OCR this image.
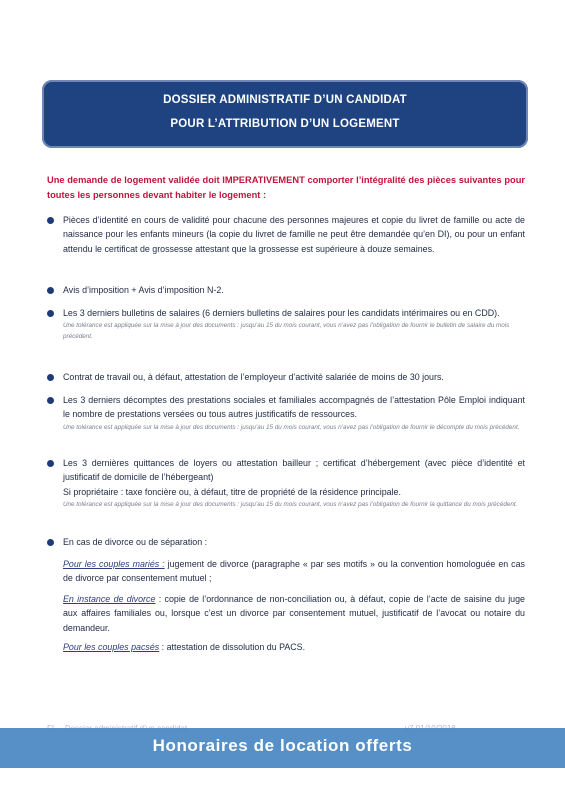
DOSSIER ADMINISTRATIF D’UN CANDIDAT
POUR L’ATTRIBUTION D’UN LOGEMENT
Une demande de logement validée doit IMPERATIVEMENT comporter l’intégralité des pièces suivantes pour toutes les personnes devant habiter le logement :
Pièces d’identité en cours de validité pour chacune des personnes majeures et copie du livret de famille ou acte de naissance pour les enfants mineurs (la copie du livret de famille ne peut être demandée qu’en DI), ou pour un enfant attendu le certificat de grossesse attestant que la grossesse est supérieure à douze semaines.
Avis d’imposition + Avis d’imposition N-2.
Les 3 derniers bulletins de salaires (6 derniers bulletins de salaires pour les candidats intérimaires ou en CDD).
Une tolérance est appliquée sur la mise à jour des documents : jusqu’au 15 du mois courant, vous n’avez pas l’obligation de fournir le bulletin de salaire du mois précédent.
Contrat de travail ou, à défaut, attestation de l’employeur d’activité salariée de moins de 30 jours.
Les 3 derniers décomptes des prestations sociales et familiales accompagnés de l’attestation Pôle Emploi indiquant le nombre de prestations versées ou tous autres justificatifs de ressources.
Une tolérance est appliquée sur la mise à jour des documents : jusqu’au 15 du mois courant, vous n’avez pas l’obligation de fournir le décompte du mois précédent.
Les 3 dernières quittances de loyers ou attestation bailleur ; certificat d’hébergement (avec pièce d’identité et justificatif de domicile de l’hébergeant)
Si propriétaire : taxe foncière ou, à défaut, titre de propriété de la résidence principale.
Une tolérance est appliquée sur la mise à jour des documents : jusqu’au 15 du mois courant, vous n’avez pas l’obligation de fournir la quittance du mois précédent.
En cas de divorce ou de séparation :
Pour les couples mariés : jugement de divorce (paragraphe « par ses motifs » ou la convention homologuée en cas de divorce par consentement mutuel ;
En instance de divorce : copie de l’ordonnance de non-conciliation ou, à défaut, copie de l’acte de saisine du juge aux affaires familiales ou, lorsque c’est un divorce par consentement mutuel, justificatif de l’avocat ou notaire du demandeur.
Pour les couples pacsés : attestation de dissolution du PACS.
Honoraires de location offerts
